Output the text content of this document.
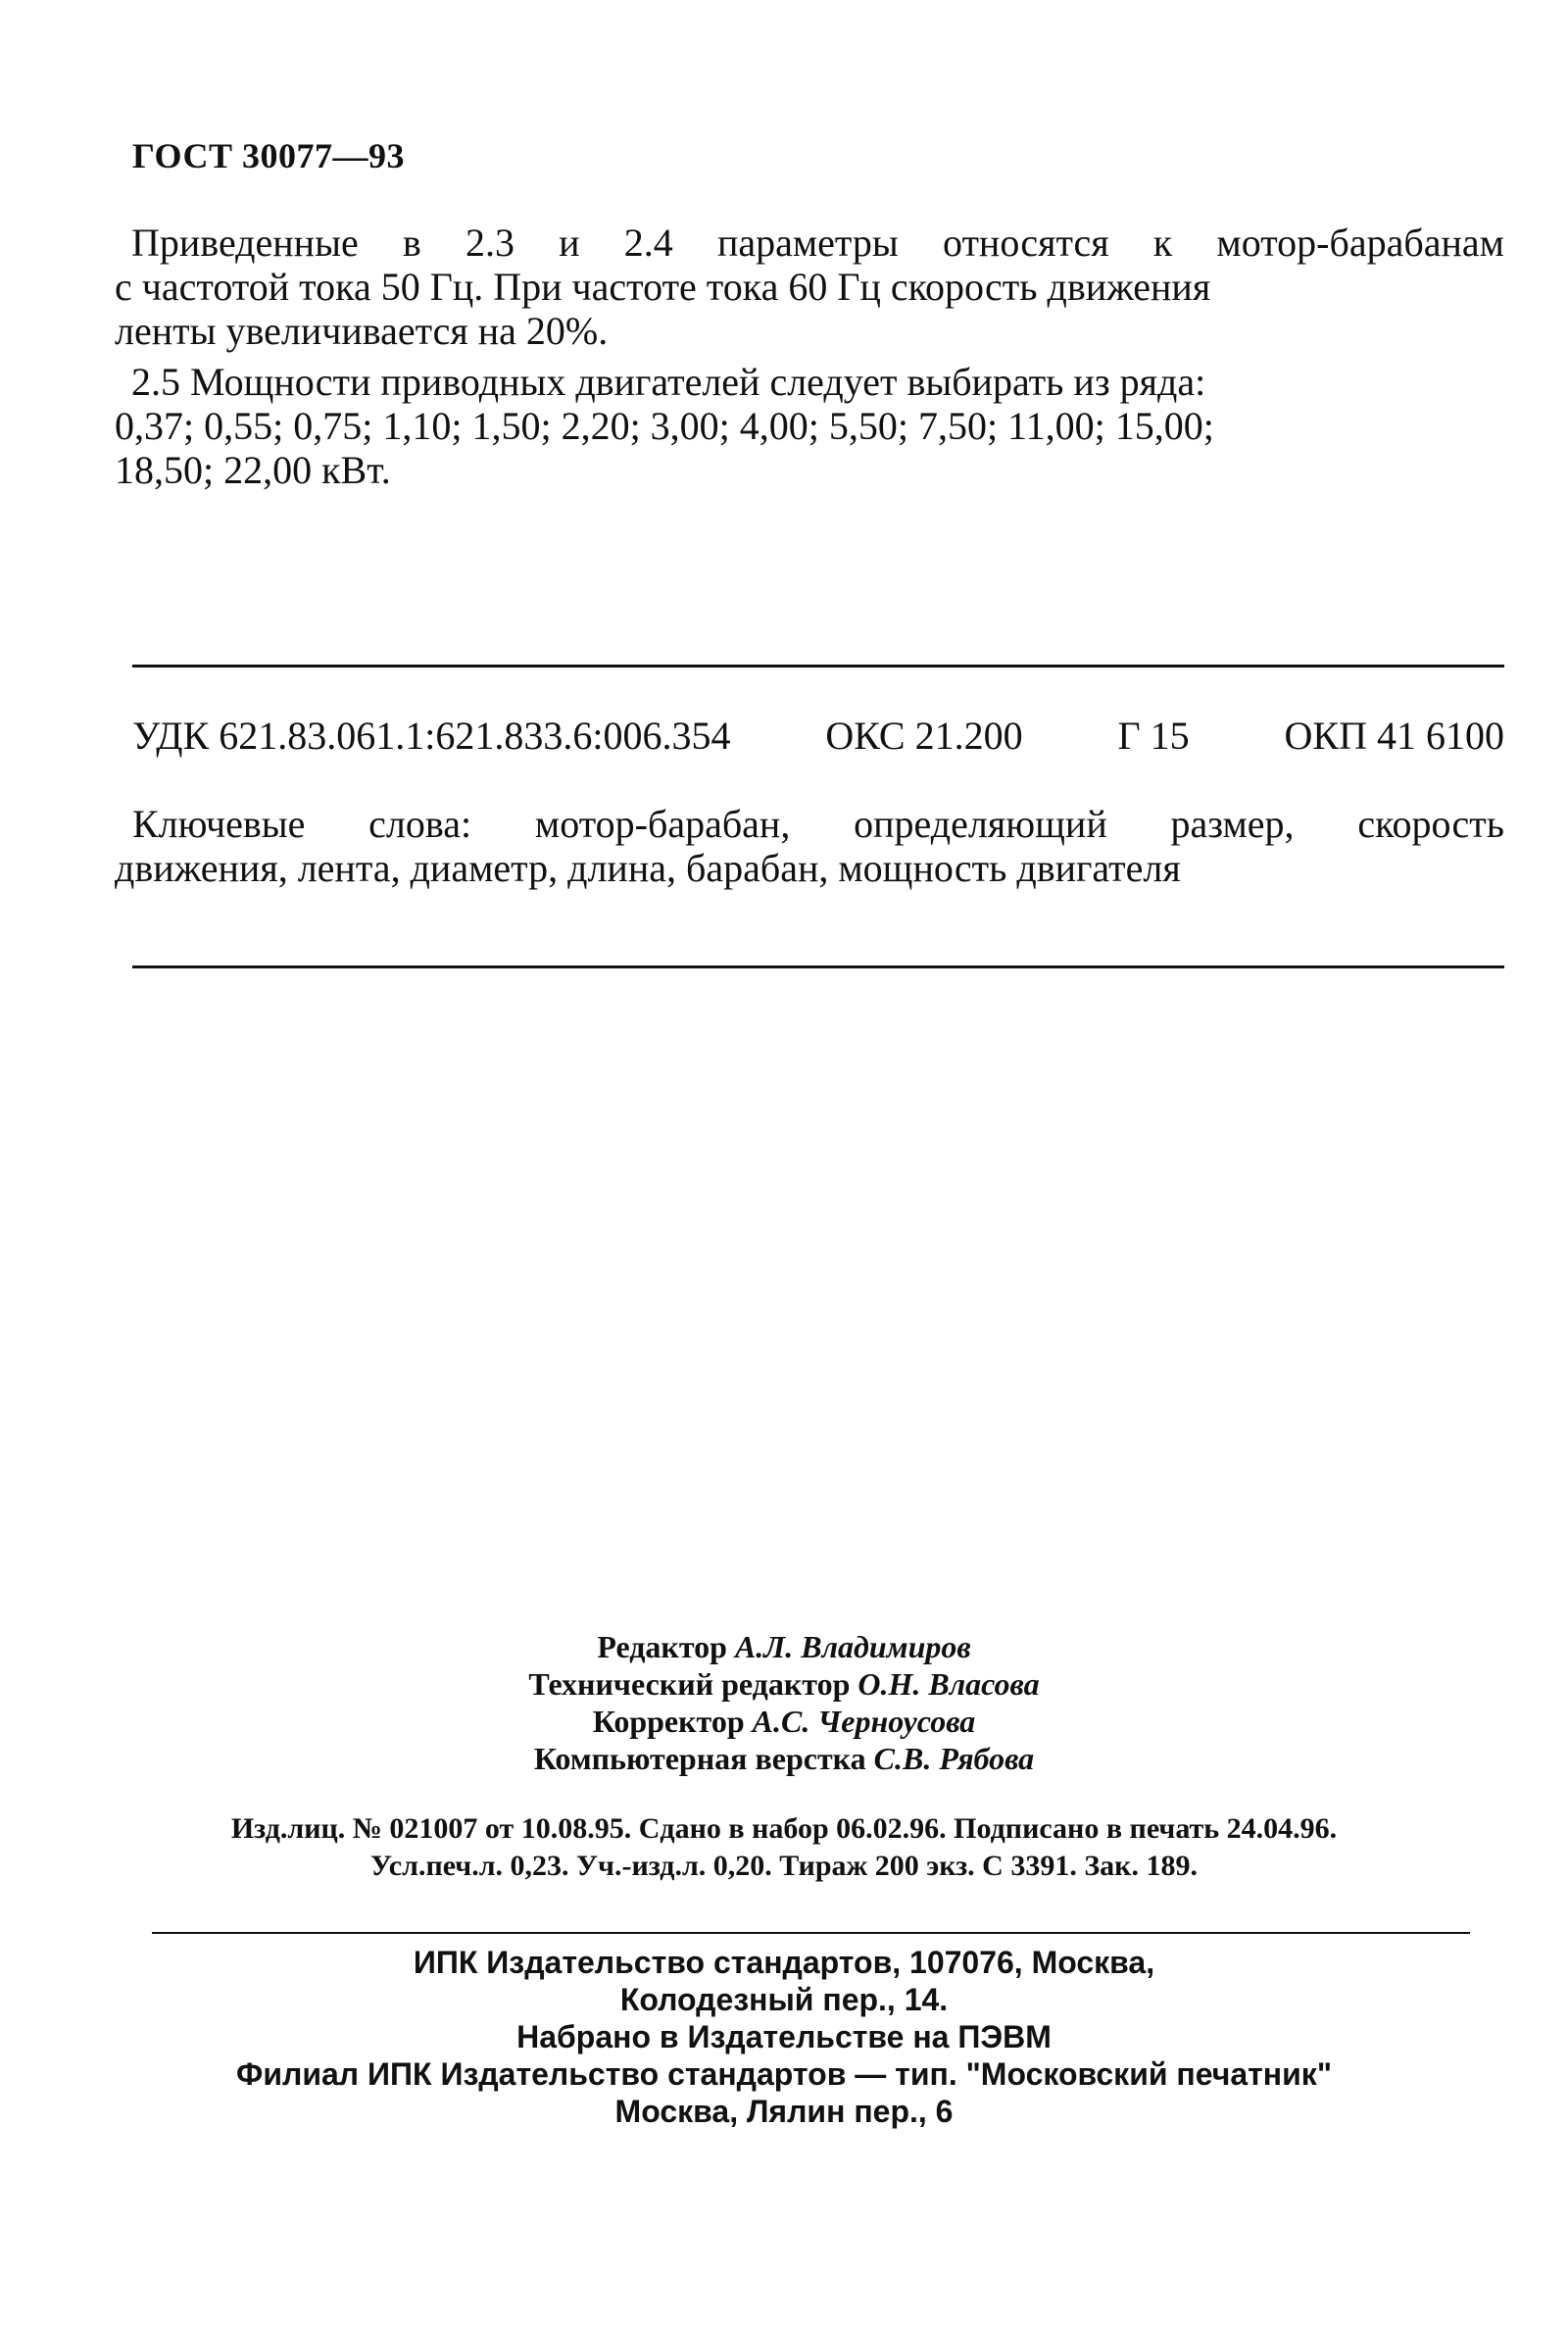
ГОСТ 30077—93
Приведенные в 2.3 и 2.4 параметры относятся к мотор-барабанам
с частотой тока 50 Гц. При частоте тока 60 Гц скорость движения
ленты увеличивается на 20%.
2.5 Мощности приводных двигателей следует выбирать из ряда:
0,37; 0,55; 0,75; 1,10; 1,50; 2,20; 3,00; 4,00; 5,50; 7,50; 11,00; 15,00;
18,50; 22,00 кВт.
УДК 621.83.061.1:621.833.6:006.354 ОКС 21.200 Г 15 ОКП 41 6100
Ключевые слова: мотор-барабан, определяющий размер, скорость
движения, лента, диаметр, длина, барабан, мощность двигателя
Редактор А.Л. Владимиров
Технический редактор О.Н. Власова
Корректор А.С. Черноусова
Компьютерная верстка С.В. Рябова
Изд.лиц. № 021007 от 10.08.95. Сдано в набор 06.02.96. Подписано в печать 24.04.96.
Усл.печ.л. 0,23. Уч.-изд.л. 0,20. Тираж 200 экз. С 3391. Зак. 189.
ИПК Издательство стандартов, 107076, Москва,
Колодезный пер., 14.
Набрано в Издательстве на ПЭВМ
Филиал ИПК Издательство стандартов — тип. "Московский печатник"
Москва, Лялин пер., 6
